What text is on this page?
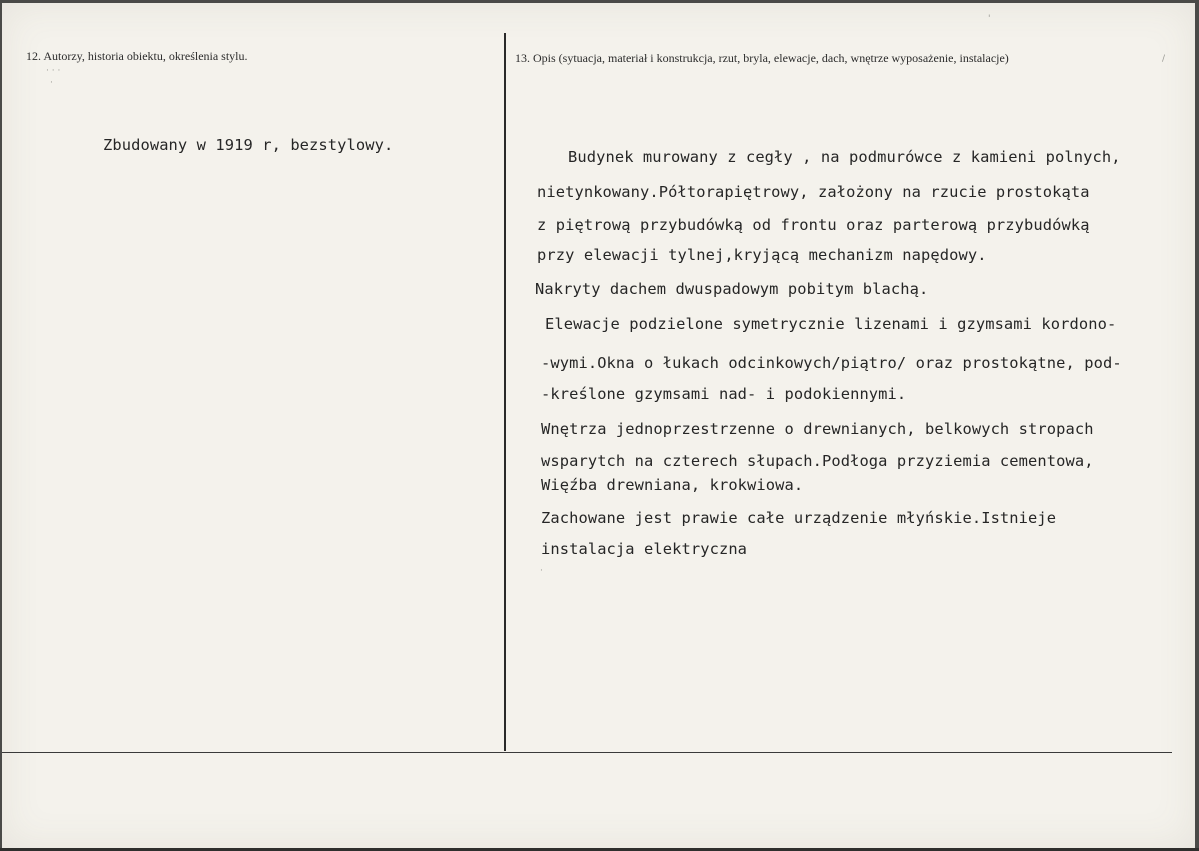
12. Autorzy, historia obiektu, określenia stylu.	13. Opis (sytuacja, materiał i konstrukcja, rzut, bryla, elewacje, dach, wnętrze wyposażenie, instalacje)
· · ·
·
'
/
·
Zbudowany w 1919 r, bezstylowy.
Budynek murowany z cegły , na podmurówce z kamieni polnych,
nietynkowany.Półtorapiętrowy, założony na rzucie prostokąta
z piętrową przybudówką od frontu oraz parterową przybudówką
przy elewacji tylnej,kryjącą mechanizm napędowy.
Nakryty dachem dwuspadowym pobitym blachą.
Elewacje podzielone symetrycznie lizenami i gzymsami kordono-
-wymi.Okna o łukach odcinkowych/piątro/ oraz prostokątne, pod-
-kreślone gzymsami nad- i podokiennymi.
Wnętrza jednoprzestrzenne o drewnianych, belkowych stropach
wsparytch na czterech słupach.Podłoga przyziemia cementowa,
Więźba drewniana, krokwiowa.
Zachowane jest prawie całe urządzenie młyńskie.Istnieje
instalacja elektryczna
